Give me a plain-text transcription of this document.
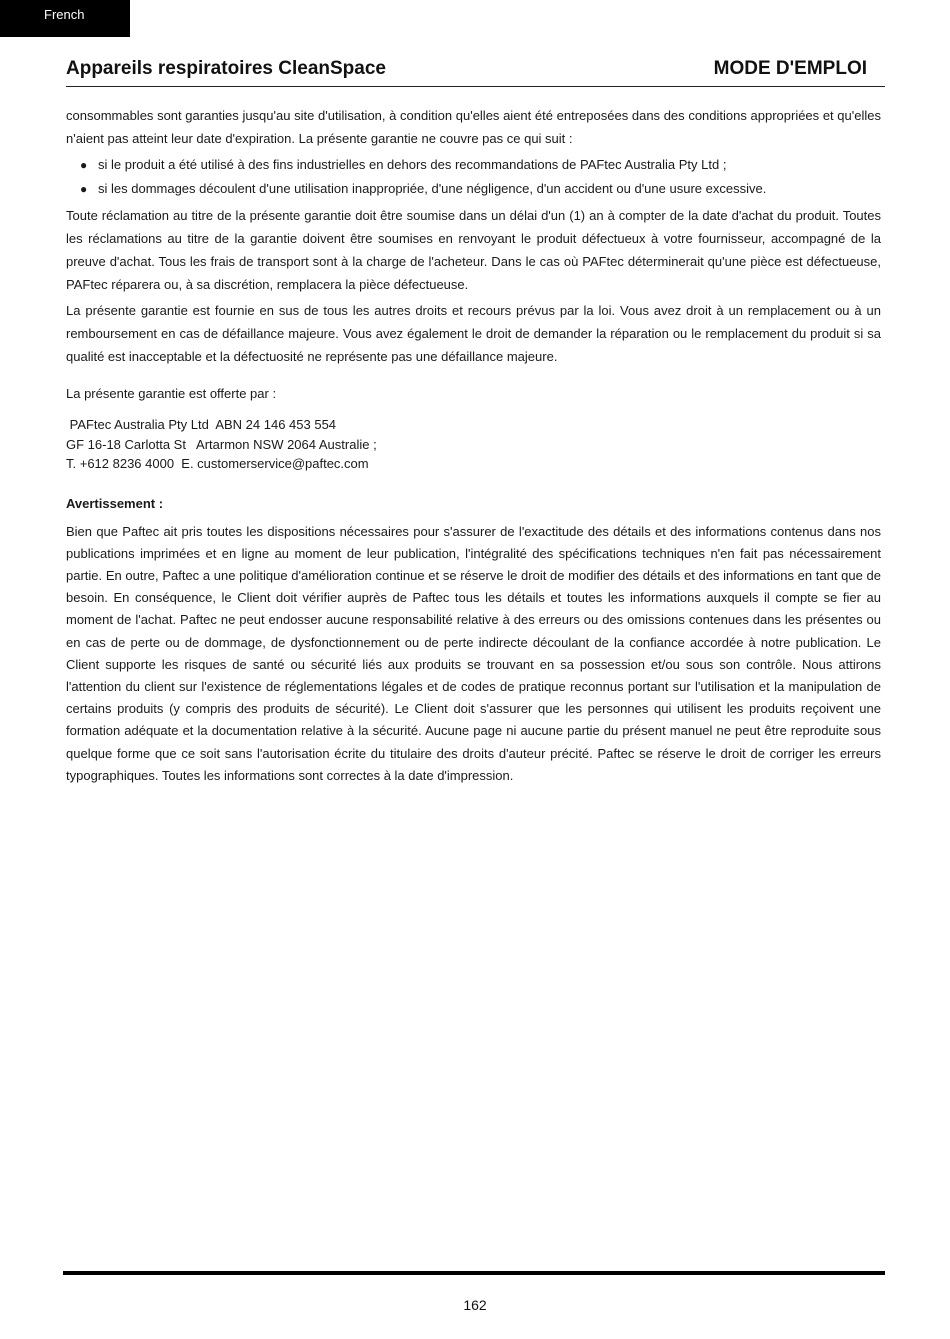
French
Appareils respiratoires CleanSpace	MODE D'EMPLOI

consommables sont garanties jusqu'au site d'utilisation, à condition qu'elles aient été entreposées dans des conditions appropriées et qu'elles n'aient pas atteint leur date d'expiration. La présente garantie ne couvre pas ce qui suit :

● si le produit a été utilisé à des fins industrielles en dehors des recommandations de PAFtec Australia Pty Ltd ;
● si les dommages découlent d'une utilisation inappropriée, d'une négligence, d'un accident ou d'une usure excessive.

Toute réclamation au titre de la présente garantie doit être soumise dans un délai d'un (1) an à compter de la date d'achat du produit. Toutes les réclamations au titre de la garantie doivent être soumises en renvoyant le produit défectueux à votre fournisseur, accompagné de la preuve d'achat. Tous les frais de transport sont à la charge de l'acheteur. Dans le cas où PAFtec déterminerait qu'une pièce est défectueuse, PAFtec réparera ou, à sa discrétion, remplacera la pièce défectueuse.

La présente garantie est fournie en sus de tous les autres droits et recours prévus par la loi. Vous avez droit à un remplacement ou à un remboursement en cas de défaillance majeure. Vous avez également le droit de demander la réparation ou le remplacement du produit si sa qualité est inacceptable et la défectuosité ne représente pas une défaillance majeure.

La présente garantie est offerte par :

PAFtec Australia Pty Ltd  ABN 24 146 453 554
GF 16-18 Carlotta St   Artarmon NSW 2064 Australie ;
T. +612 8236 4000  E. customerservice@paftec.com

Avertissement :

Bien que Paftec ait pris toutes les dispositions nécessaires pour s'assurer de l'exactitude des détails et des informations contenus dans nos publications imprimées et en ligne au moment de leur publication, l'intégralité des spécifications techniques n'en fait pas nécessairement partie. En outre, Paftec a une politique d'amélioration continue et se réserve le droit de modifier des détails et des informations en tant que de besoin. En conséquence, le Client doit vérifier auprès de Paftec tous les détails et toutes les informations auxquels il compte se fier au moment de l'achat. Paftec ne peut endosser aucune responsabilité relative à des erreurs ou des omissions contenues dans les présentes ou en cas de perte ou de dommage, de dysfonctionnement ou de perte indirecte découlant de la confiance accordée à notre publication. Le Client supporte les risques de santé ou sécurité liés aux produits se trouvant en sa possession et/ou sous son contrôle. Nous attirons l'attention du client sur l'existence de réglementations légales et de codes de pratique reconnus portant sur l'utilisation et la manipulation de certains produits (y compris des produits de sécurité). Le Client doit s'assurer que les personnes qui utilisent les produits reçoivent une formation adéquate et la documentation relative à la sécurité. Aucune page ni aucune partie du présent manuel ne peut être reproduite sous quelque forme que ce soit sans l'autorisation écrite du titulaire des droits d'auteur précité. Paftec se réserve le droit de corriger les erreurs typographiques. Toutes les informations sont correctes à la date d'impression.

162
